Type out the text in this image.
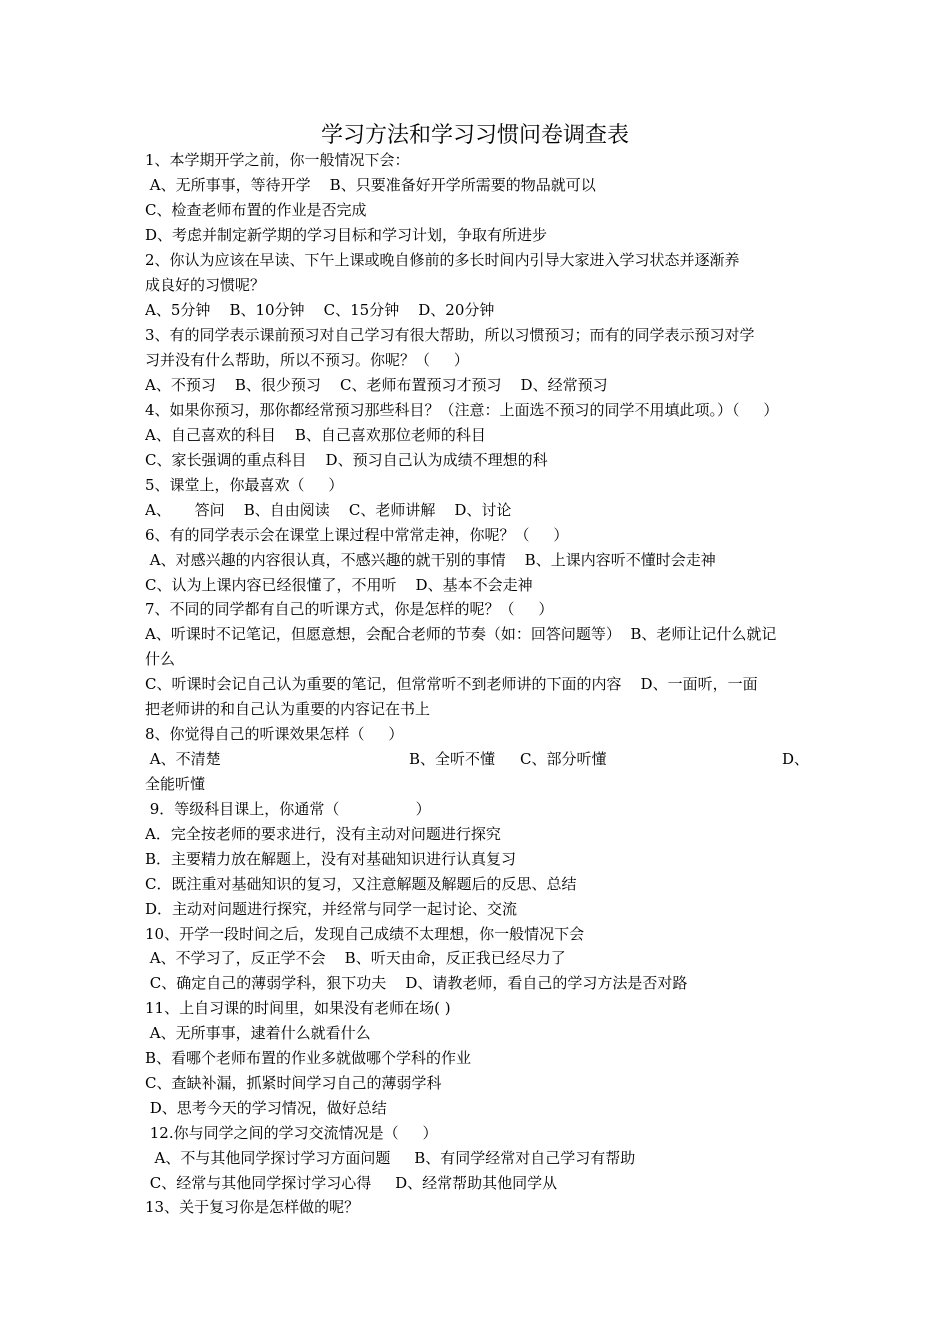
学习方法和学习习惯问卷调查表
1、本学期开学之前，你一般情况下会：
A、无所事事，等待开学    B、只要准备好开学所需要的物品就可以
C、检查老师布置的作业是否完成
D、考虑并制定新学期的学习目标和学习计划，争取有所进步
2、你认为应该在早读、下午上课或晚自修前的多长时间内引导大家进入学习状态并逐渐养
成良好的习惯呢？
A、5分钟    B、10分钟    C、15分钟    D、20分钟
3、有的同学表示课前预习对自己学习有很大帮助，所以习惯预习；而有的同学表示预习对学
习并没有什么帮助，所以不预习。你呢？（     ）
A、不预习    B、很少预习    C、老师布置预习才预习    D、经常预习
4、如果你预习，那你都经常预习那些科目？（注意：上面选不预习的同学不用填此项。）（     ）
A、自己喜欢的科目    B、自己喜欢那位老师的科目
C、家长强调的重点科目    D、预习自己认为成绩不理想的科
5、课堂上，你最喜欢（     ）
A、     答问    B、自由阅读    C、老师讲解    D、讨论
6、有的同学表示会在课堂上课过程中常常走神，你呢？（     ）
A、对感兴趣的内容很认真，不感兴趣的就干别的事情    B、上课内容听不懂时会走神
C、认为上课内容已经很懂了，不用听    D、基本不会走神
7、不同的同学都有自己的听课方式，你是怎样的呢？（     ）
A、听课时不记笔记，但愿意想，会配合老师的节奏（如：回答问题等）  B、老师让记什么就记
什么
C、听课时会记自己认为重要的笔记，但常常听不到老师讲的下面的内容    D、一面听，一面
把老师讲的和自己认为重要的内容记在书上
8、你觉得自己的听课效果怎样（     ）
A、不清楚	B、全听不懂 C、部分听懂	D、
全能听懂
9．等级科目课上，你通常（                ）
A．完全按老师的要求进行，没有主动对问题进行探究
B．主要精力放在解题上，没有对基础知识进行认真复习
C．既注重对基础知识的复习，又注意解题及解题后的反思、总结
D．主动对问题进行探究，并经常与同学一起讨论、交流
10、开学一段时间之后，发现自己成绩不太理想，你一般情况下会
A、不学习了，反正学不会    B、听天由命，反正我已经尽力了
C、确定自己的薄弱学科，狠下功夫    D、请教老师，看自己的学习方法是否对路
11、上自习课的时间里，如果没有老师在场( )
A、无所事事，逮着什么就看什么
B、看哪个老师布置的作业多就做哪个学科的作业
C、查缺补漏，抓紧时间学习自己的薄弱学科
D、思考今天的学习情况，做好总结
12.你与同学之间的学习交流情况是（     ）
A、不与其他同学探讨学习方面问题     B、有同学经常对自己学习有帮助
C、经常与其他同学探讨学习心得     D、经常帮助其他同学从
13、关于复习你是怎样做的呢？
